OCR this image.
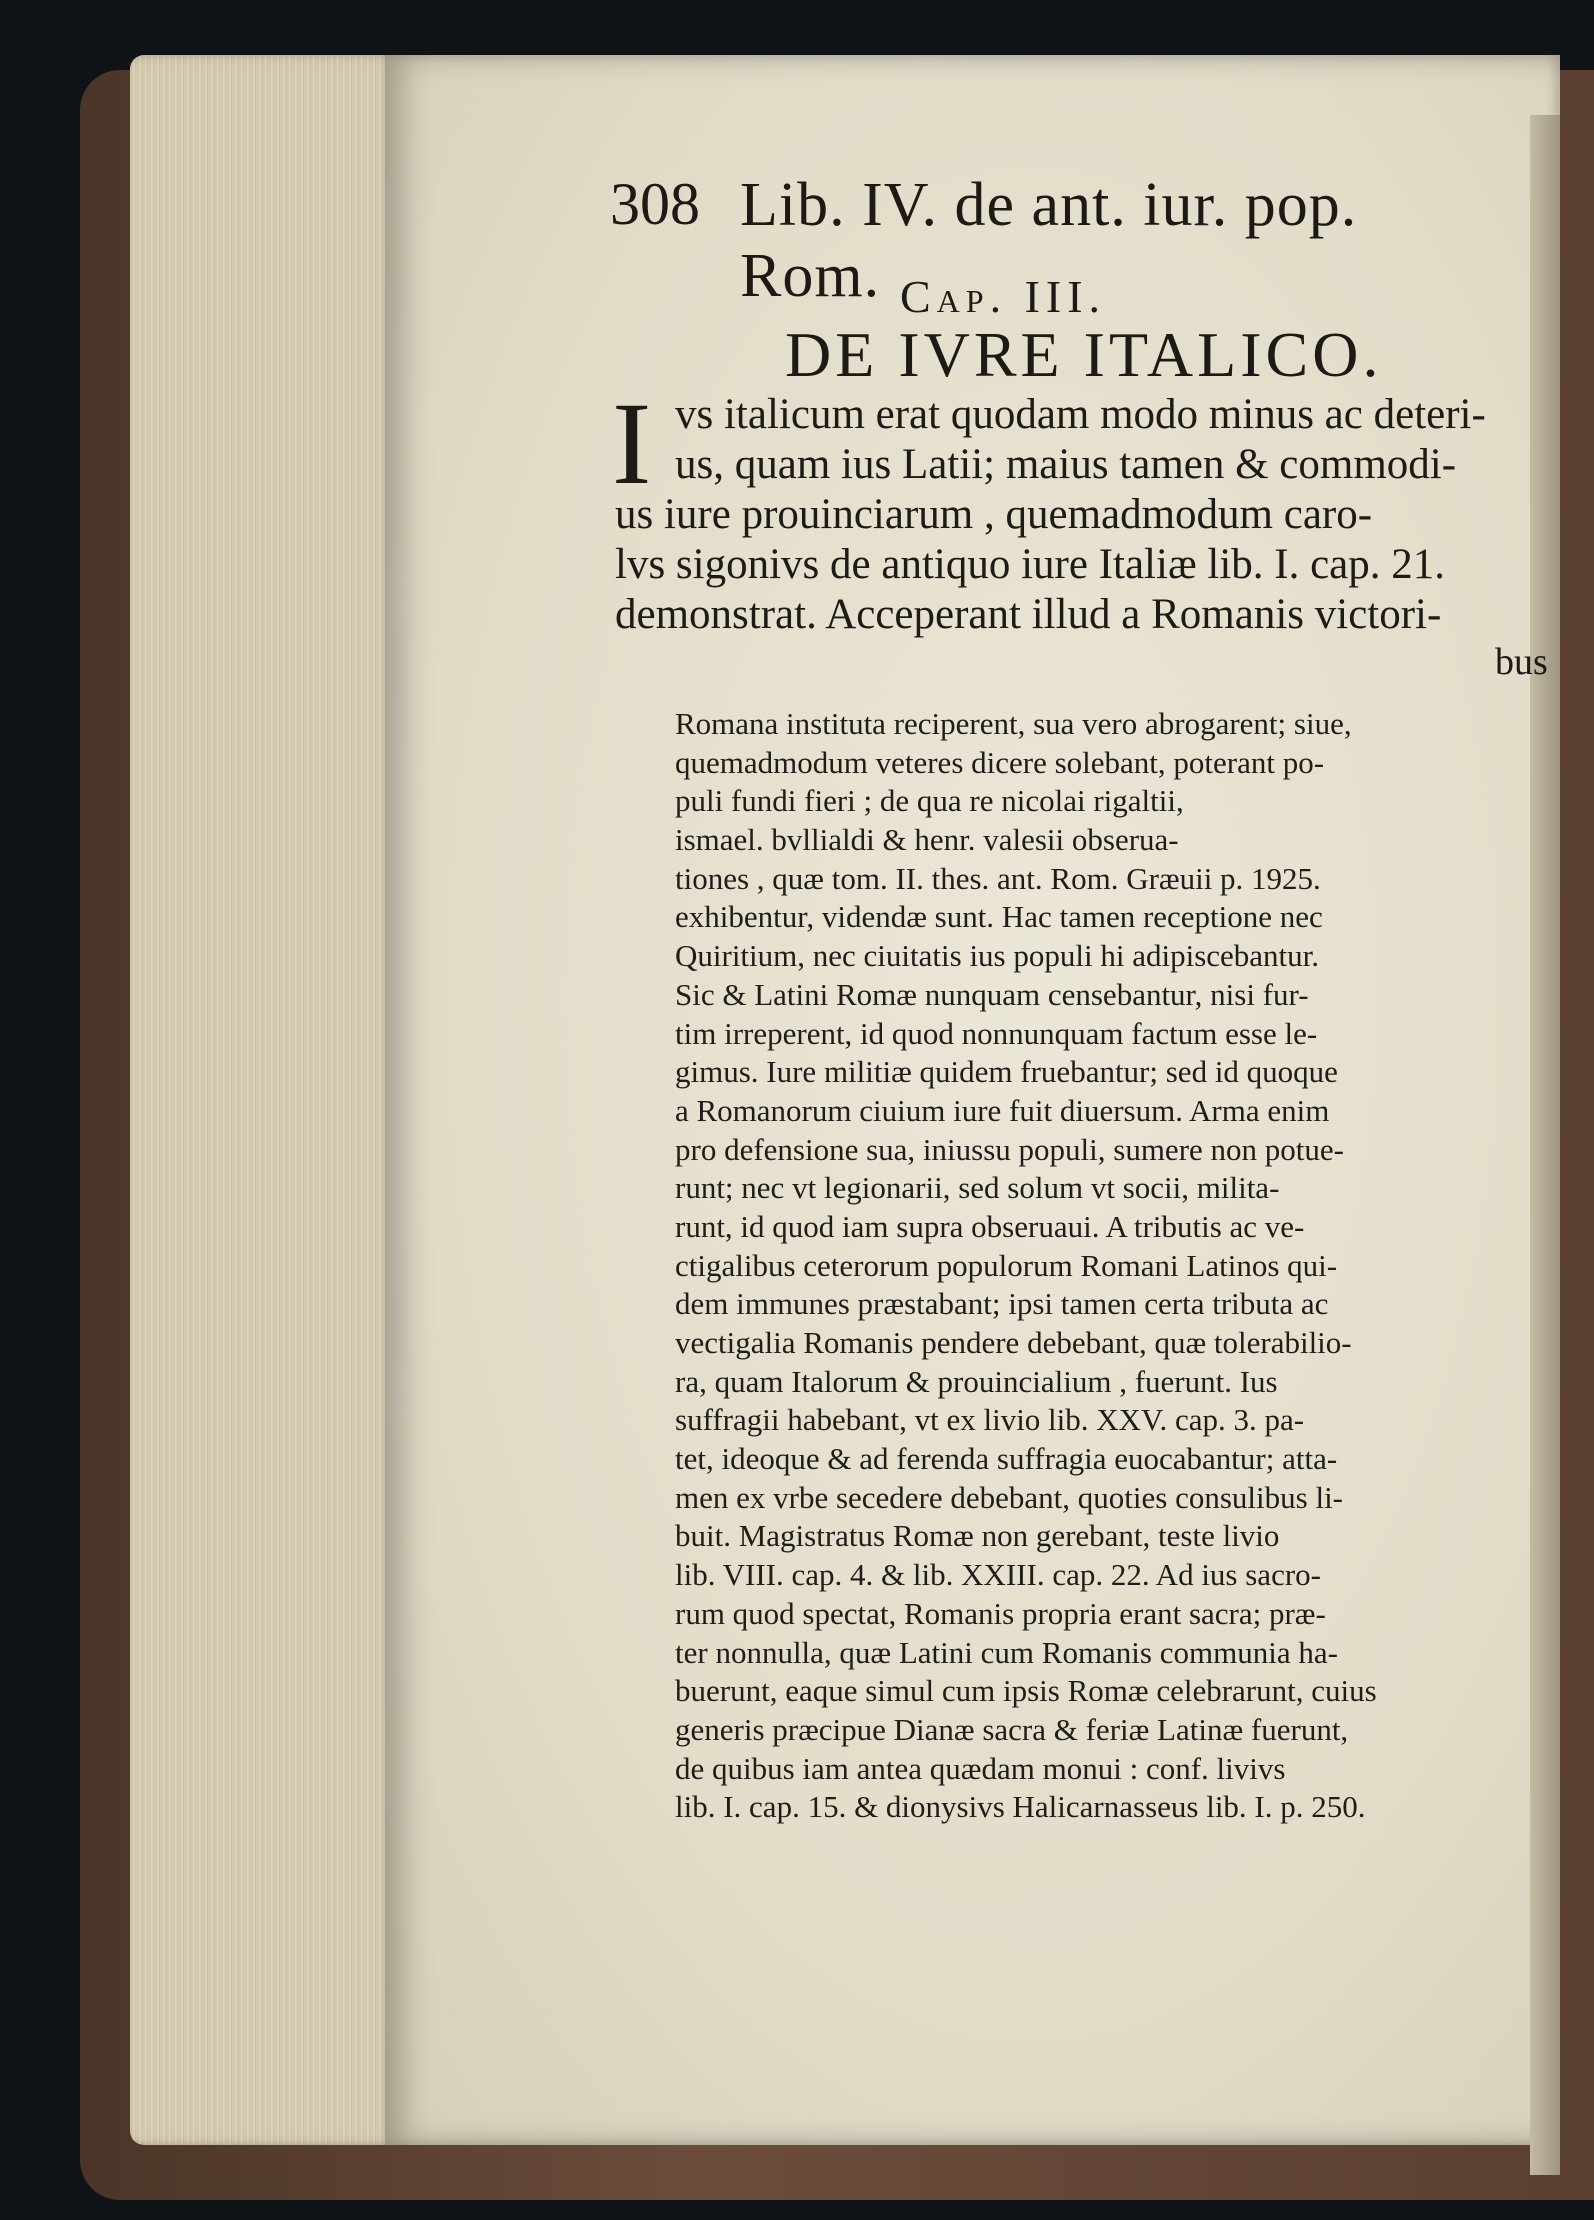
308 Lib. IV. de ant. iur. pop. Rom. Cap. III.
DE IVRE ITALICO.
I vs italicum erat quodam modo minus ac deteri-
us, quam ius Latii; maius tamen & commodi-
us iure prouinciarum , quemadmodum caro-
lvs sigonivs de antiquo iure Italiæ lib. I. cap. 21.
demonstrat. Acceperant illud a Romanis victori-
bus
Romana instituta reciperent, sua vero abrogarent; siue,
quemadmodum veteres dicere solebant, poterant po-
puli fundi fieri ; de qua re nicolai rigaltii,
ismael. bvllialdi & henr. valesii obserua-
tiones , quæ tom. II. thes. ant. Rom. Græuii p. 1925.
exhibentur, videndæ sunt. Hac tamen receptione nec
Quiritium, nec ciuitatis ius populi hi adipiscebantur.
Sic & Latini Romæ nunquam censebantur, nisi fur-
tim irreperent, id quod nonnunquam factum esse le-
gimus. Iure militiæ quidem fruebantur; sed id quoque
a Romanorum ciuium iure fuit diuersum. Arma enim
pro defensione sua, iniussu populi, sumere non potue-
runt; nec vt legionarii, sed solum vt socii, milita-
runt, id quod iam supra obseruaui. A tributis ac ve-
ctigalibus ceterorum populorum Romani Latinos qui-
dem immunes præstabant; ipsi tamen certa tributa ac
vectigalia Romanis pendere debebant, quæ tolerabilio-
ra, quam Italorum & prouincialium , fuerunt. Ius
suffragii habebant, vt ex livio lib. XXV. cap. 3. pa-
tet, ideoque & ad ferenda suffragia euocabantur; atta-
men ex vrbe secedere debebant, quoties consulibus li-
buit. Magistratus Romæ non gerebant, teste livio
lib. VIII. cap. 4. & lib. XXIII. cap. 22. Ad ius sacro-
rum quod spectat, Romanis propria erant sacra; præ-
ter nonnulla, quæ Latini cum Romanis communia ha-
buerunt, eaque simul cum ipsis Romæ celebrarunt, cuius
generis præcipue Dianæ sacra & feriæ Latinæ fuerunt,
de quibus iam antea quædam monui : conf. livivs
lib. I. cap. 15. & dionysivs Halicarnasseus lib. I. p. 250.
